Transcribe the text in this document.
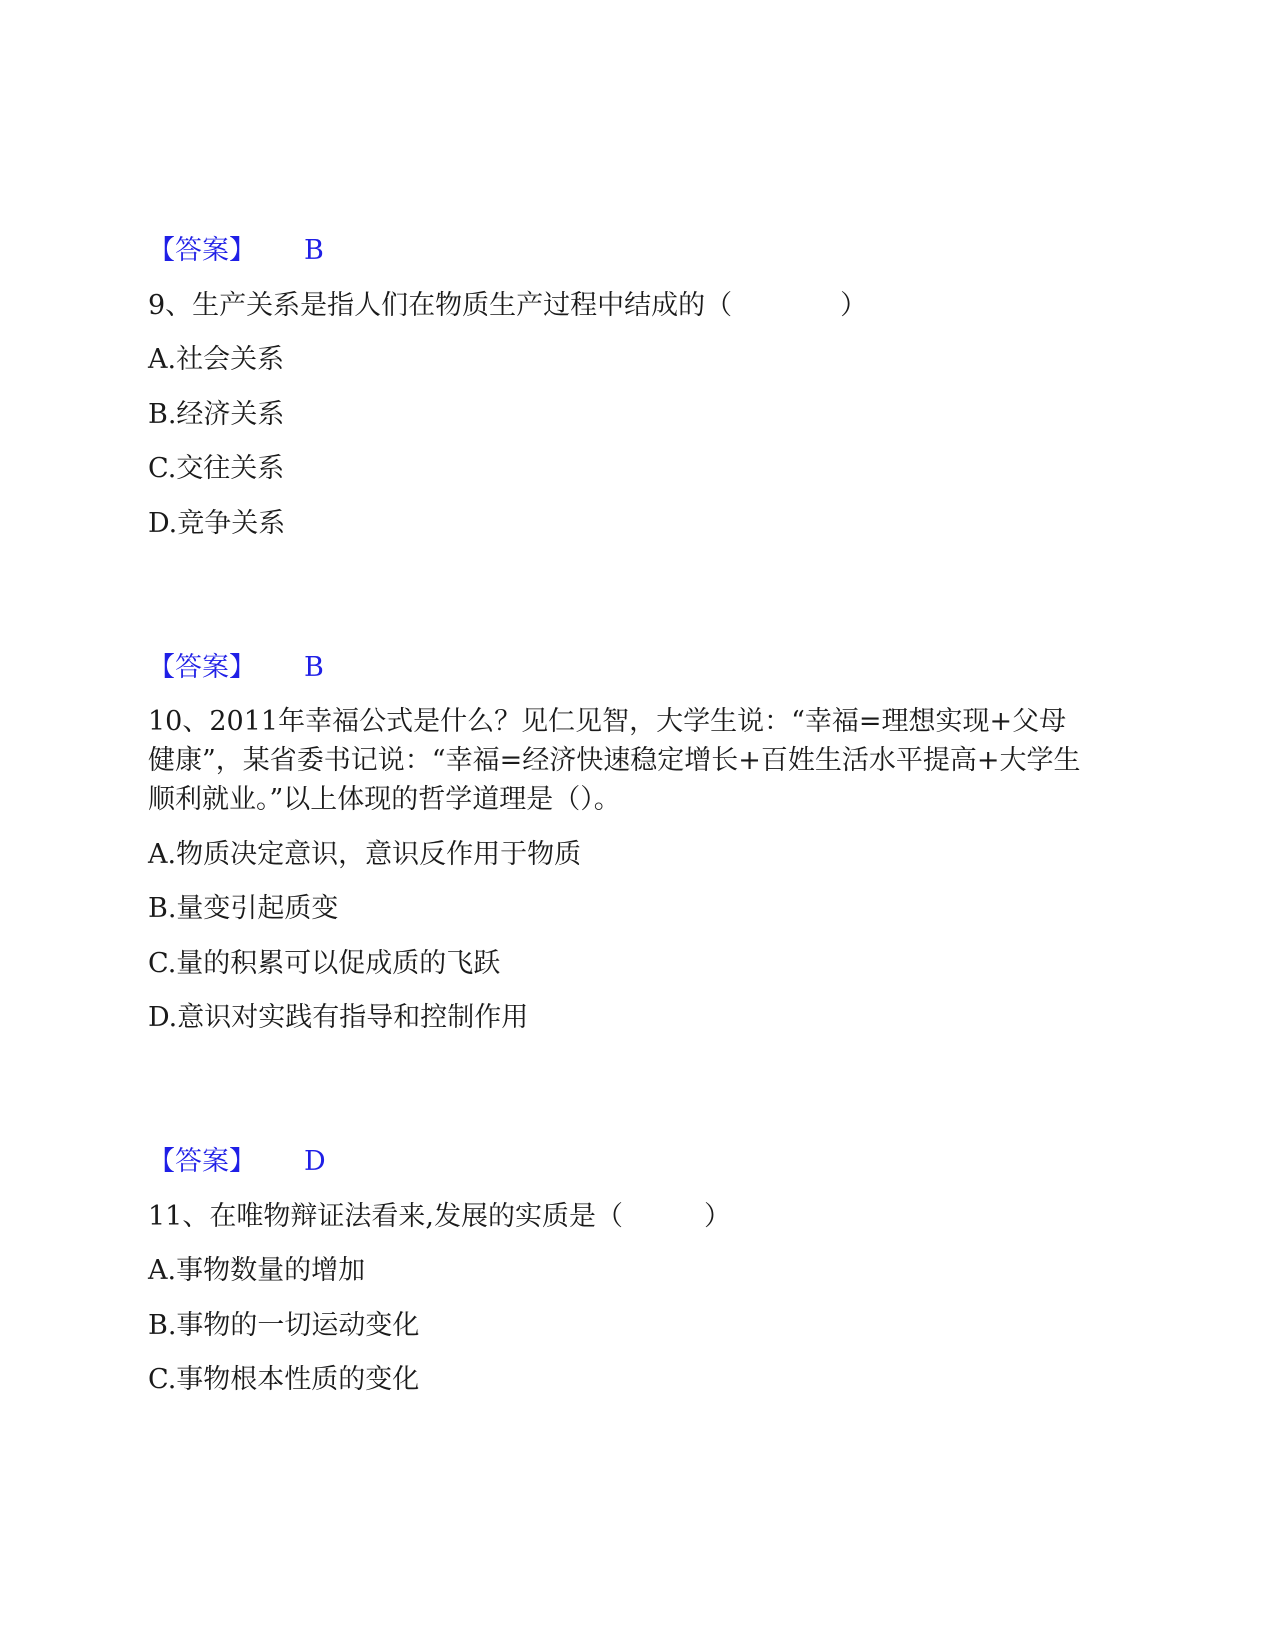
【答案】 B
9、生产关系是指人们在物质生产过程中结成的（　　　　）
A.社会关系
B.经济关系
C.交往关系
D.竞争关系
【答案】 B
10、2011年幸福公式是什么？见仁见智，大学生说：“幸福=理想实现+父母
健康”，某省委书记说：“幸福=经济快速稳定增长+百姓生活水平提高+大学生
顺利就业。”以上体现的哲学道理是（）。
A.物质决定意识，意识反作用于物质
B.量变引起质变
C.量的积累可以促成质的飞跃
D.意识对实践有指导和控制作用
【答案】 D
11、在唯物辩证法看来,发展的实质是（　　　）
A.事物数量的增加
B.事物的一切运动变化
C.事物根本性质的变化
